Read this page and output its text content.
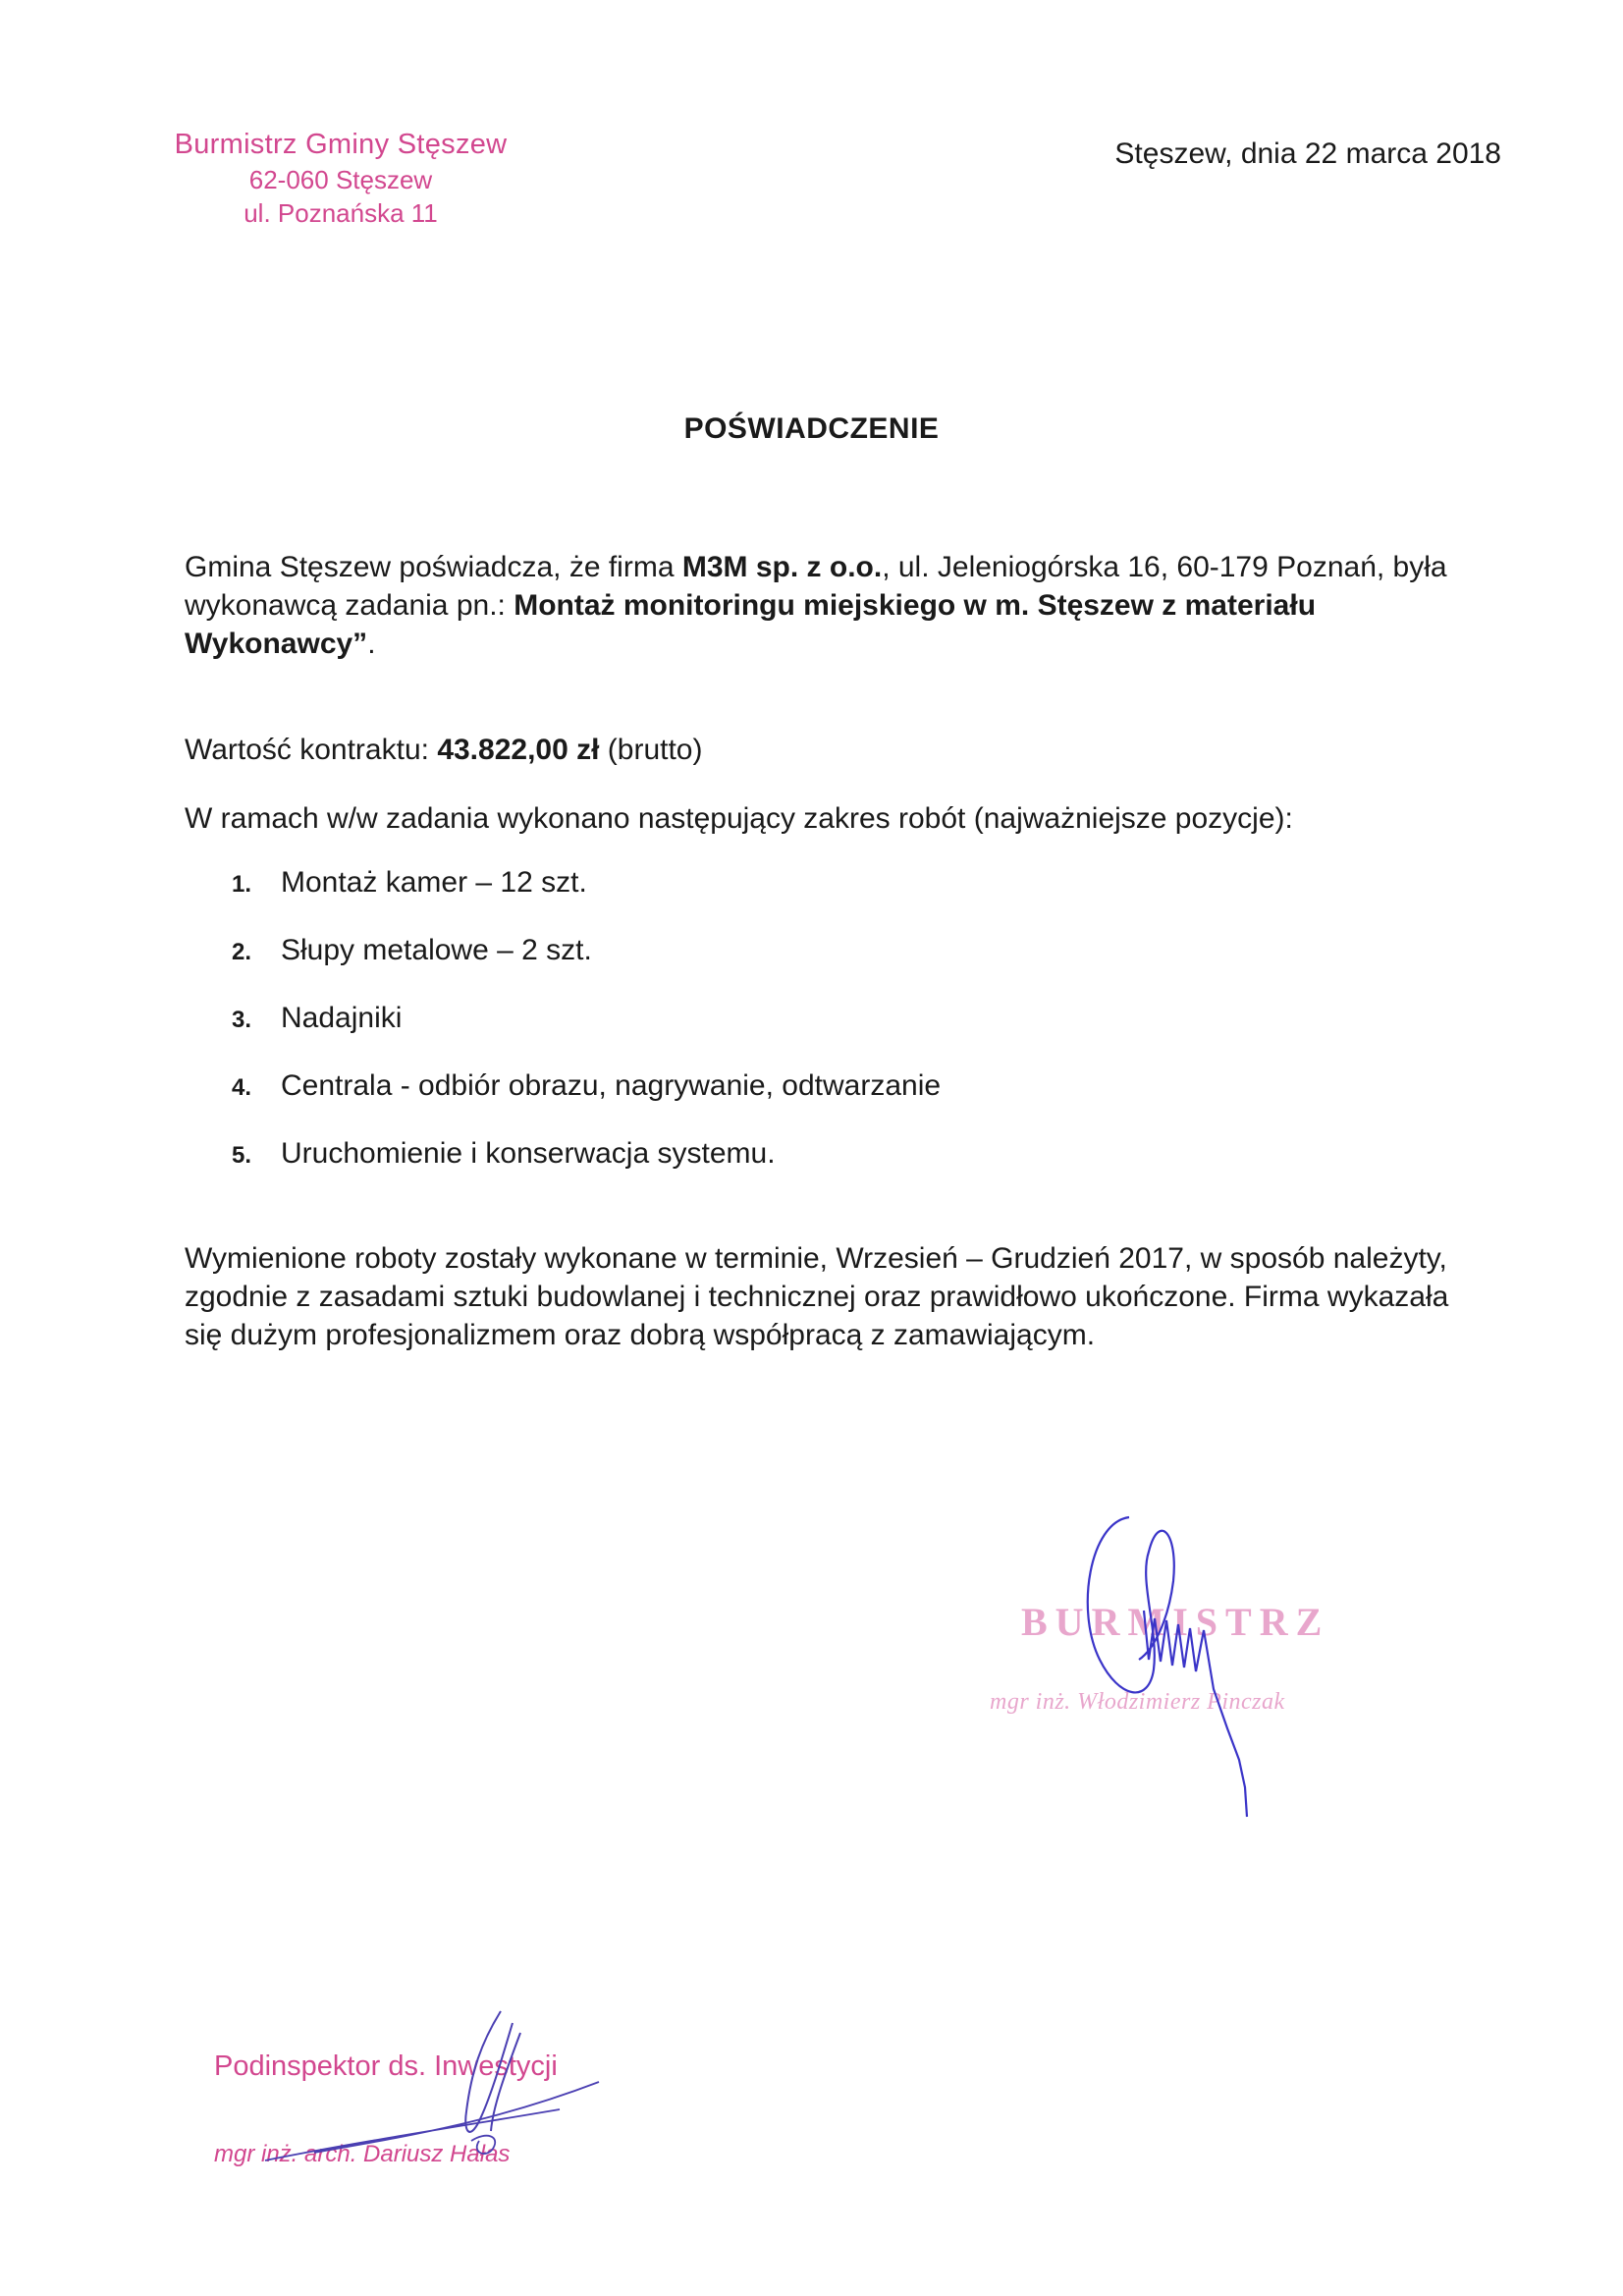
Burmistrz Gminy Stęszew
62-060 Stęszew
ul. Poznańska 11
Stęszew, dnia 22 marca 2018
POŚWIADCZENIE
Gmina Stęszew poświadcza, że firma M3M sp. z o.o., ul. Jeleniogórska 16, 60-179 Poznań, była wykonawcą zadania pn.: Montaż monitoringu miejskiego w m. Stęszew z materiału Wykonawcy”.
Wartość kontraktu: 43.822,00 zł (brutto)
W ramach w/w zadania wykonano następujący zakres robót (najważniejsze pozycje):
1. Montaż kamer – 12 szt.
2. Słupy metalowe – 2 szt.
3. Nadajniki
4. Centrala - odbiór obrazu, nagrywanie, odtwarzanie
5. Uruchomienie i konserwacja systemu.
Wymienione roboty zostały wykonane w terminie, Wrzesień – Grudzień 2017, w sposób należyty, zgodnie z zasadami sztuki budowlanej i technicznej oraz prawidłowo ukończone. Firma wykazała się dużym profesjonalizmem oraz dobrą współpracą z zamawiającym.
BURMISTRZ
mgr inż. Włodzimierz Pinczak
Podinspektor ds. Inwestycji
mgr inż. arch. Dariusz Hałas
